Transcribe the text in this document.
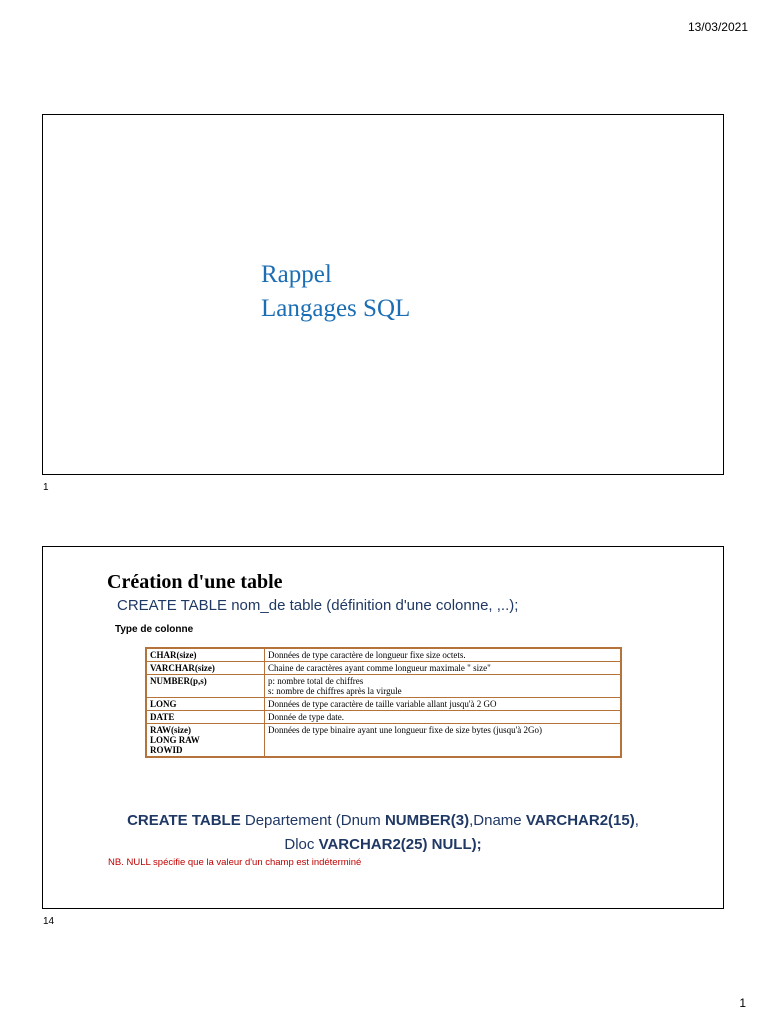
13/03/2021
Rappel
Langages SQL
1
Création d'une table
CREATE TABLE nom_de table (définition d'une colonne, ,..);
Type de colonne
CHAR(size)	Données de type caractère de longueur fixe size octets.

VARCHAR(size)	Chaine de caractères ayant comme longueur maximale " size"

NUMBER(p,s)	p: nombre total de chiffres
s: nombre de chiffres après la virgule

LONG	Données de type caractère de taille variable allant jusqu'à 2 GO

DATE	Donnée de type date.

RAW(size)
LONG RAW
ROWID	Données de type binaire ayant une longueur fixe de size bytes (jusqu'à 2Go)
CREATE TABLE Departement (Dnum NUMBER(3),Dname VARCHAR2(15),
Dloc VARCHAR2(25) NULL);
NB. NULL spécifie que la valeur d'un champ est indéterminé
14
1
